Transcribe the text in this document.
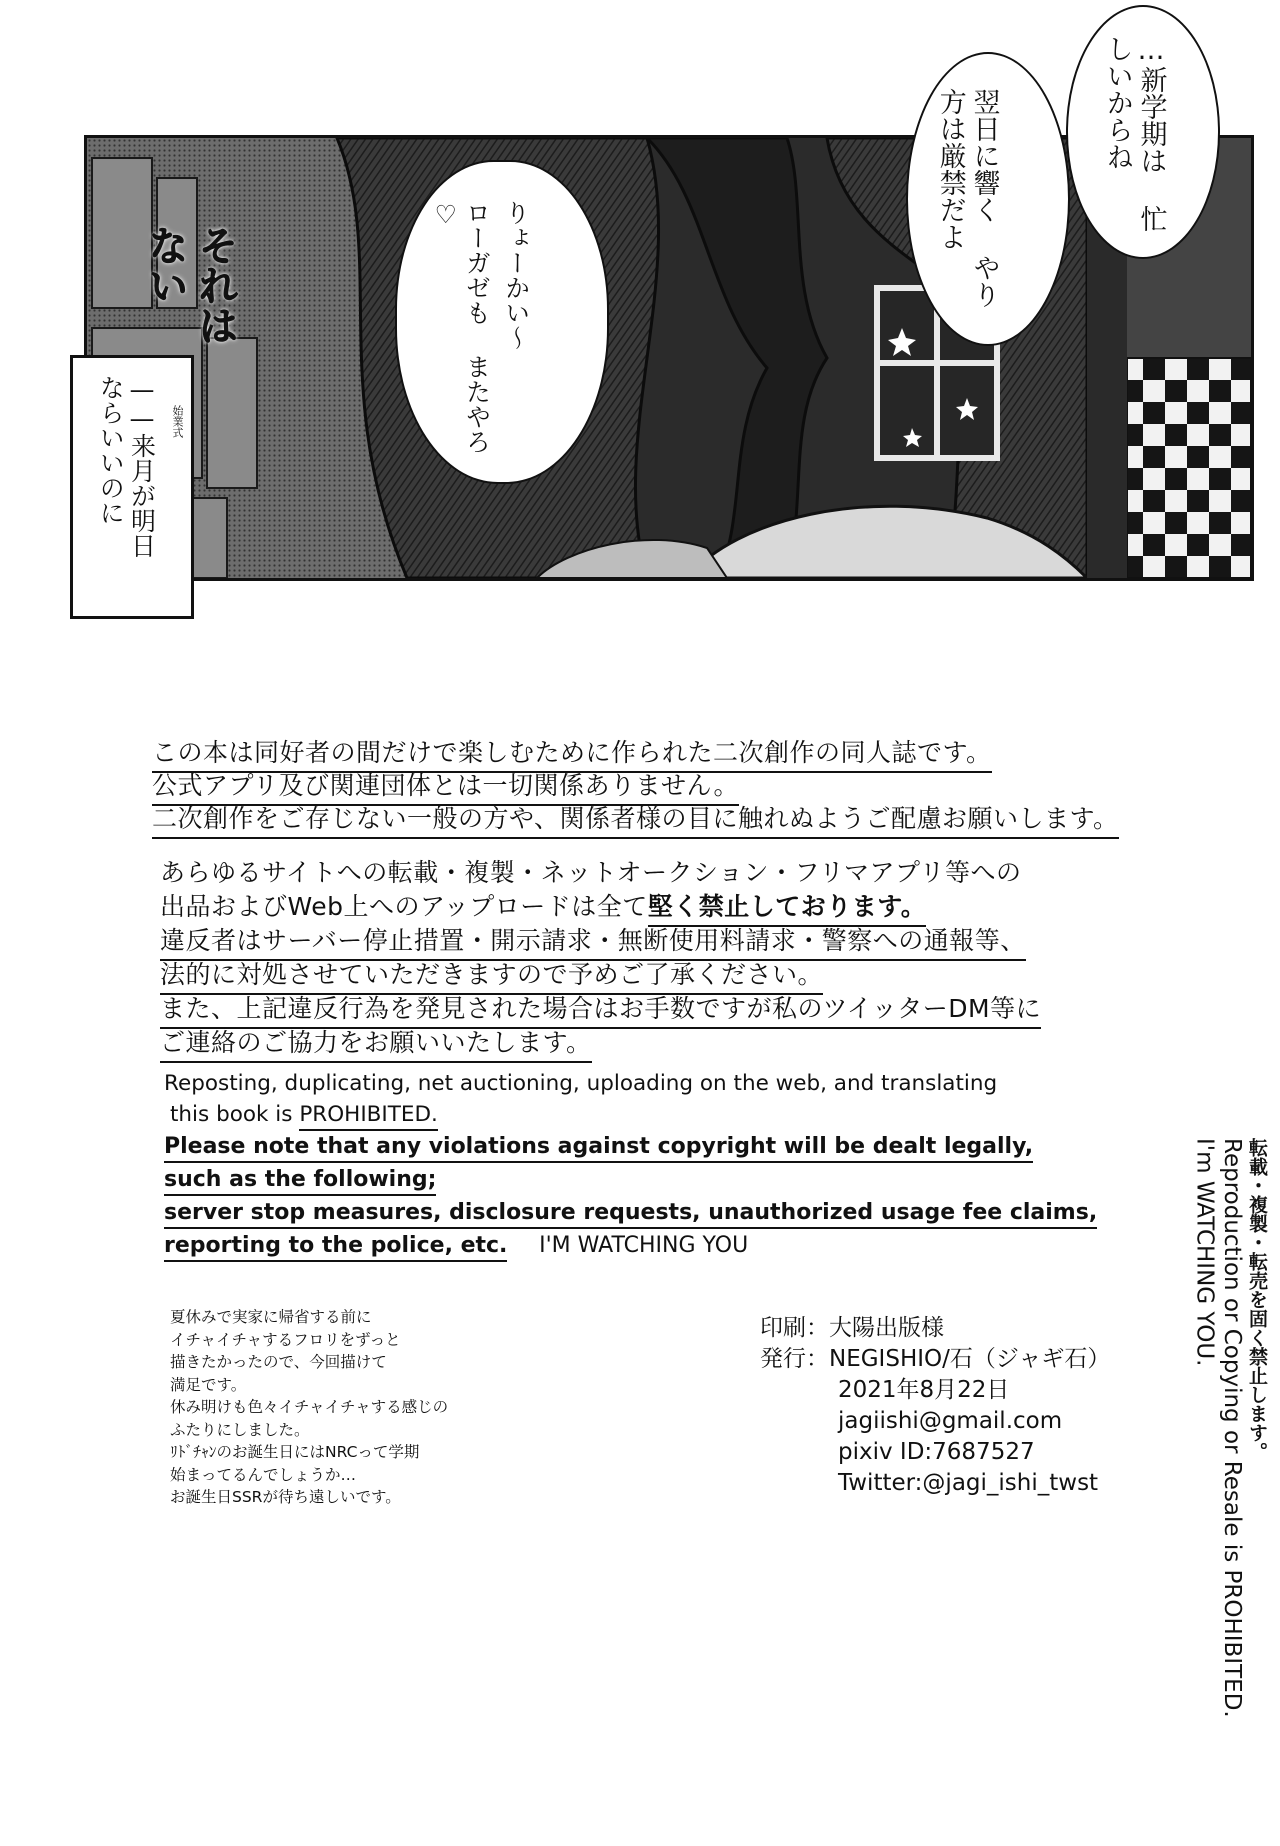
…新学期は 忙しいからね
翌日に響く やり方は厳禁だよ
りょーかい～ ローガゼも またやろ♡
それは ない
——来月が明日 ならいいのに	始業式
この本は同好者の間だけで楽しむために作られた二次創作の同人誌です。
公式アプリ及び関連団体とは一切関係ありません。
二次創作をご存じない一般の方や、関係者様の目に触れぬようご配慮お願いします。
あらゆるサイトへの転載・複製・ネットオークション・フリマアプリ等への
出品およびWeb上へのアップロードは全て堅く禁止しております。
違反者はサーバー停止措置・開示請求・無断使用料請求・警察への通報等、
法的に対処させていただきますので予めご了承ください。
また、上記違反行為を発見された場合はお手数ですが私のツイッターDM等に
ご連絡のご協力をお願いいたします。
Reposting, duplicating, net auctioning, uploading on the web, and translating
this book is PROHIBITED.
Please note that any violations against copyright will be dealt legally,
such as the following;
server stop measures, disclosure requests, unauthorized usage fee claims,
reporting to the police, etc. I'M WATCHING YOU
夏休みで実家に帰省する前に
イチャイチャするフロリをずっと
描きたかったので、今回描けて
満足です。
休み明けも色々イチャイチャする感じの
ふたりにしました。
ﾘﾄﾞﾁｬﾝのお誕生日にはNRCって学期
始まってるんでしょうか…
お誕生日SSRが待ち遠しいです。
印刷：大陽出版様
発行：NEGISHIO/石（ジャギ石）
2021年8月22日
jagiishi@gmail.com
pixiv ID:7687527
Twitter:@jagi_ishi_twst
転載・複製・転売を固く禁止します。
Reproduction or Copying or Resale is PROHIBITED.
I'm WATCHING YOU.
